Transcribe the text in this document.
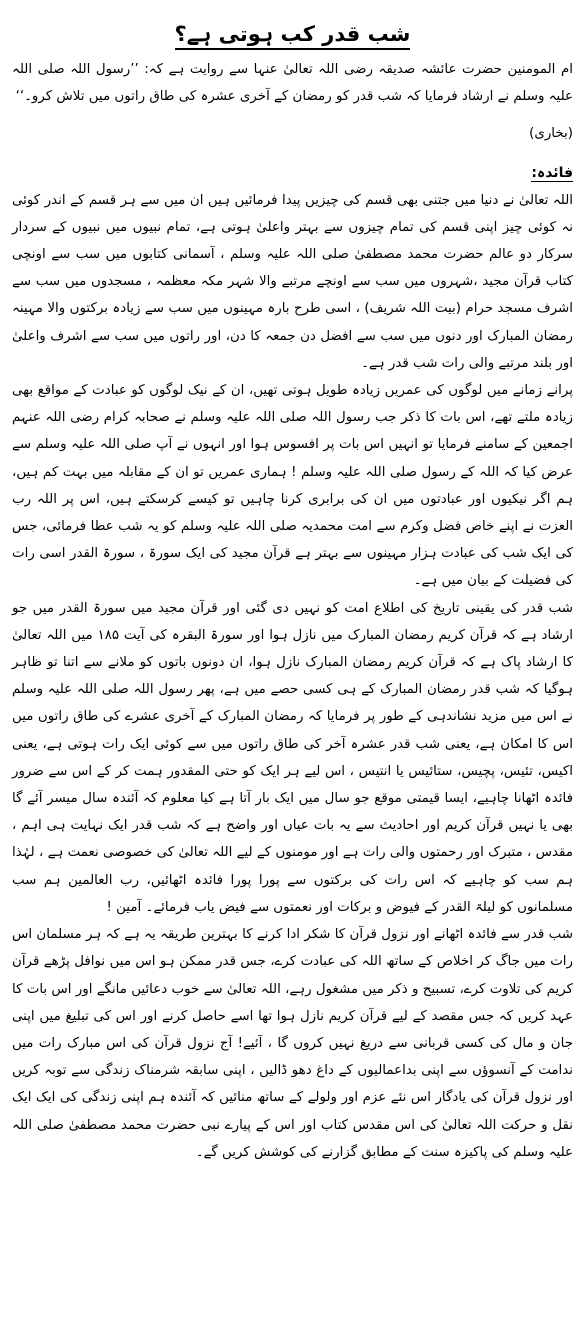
شب قدر کب ہوتی ہے؟

ام المومنین حضرت عائشہ صدیقہ رضی اللہ تعالیٰ عنہا سے روایت ہے کہ: ’’رسول اللہ صلی اللہ علیہ وسلم نے ارشاد فرمایا کہ شب قدر کو رمضان کے آخری عشرہ کی طاق راتوں میں تلاش کرو۔‘‘

(بخاری)
فائدہ:

اللہ تعالیٰ نے دنیا میں جتنی بھی قسم کی چیزیں پیدا فرمائیں ہیں ان میں سے ہر قسم کے اندر کوئی نہ کوئی چیز اپنی قسم کی تمام چیزوں سے بہتر واعلیٰ ہوتی ہے، تمام نبیوں میں نبیوں کے سردار سرکار دو عالم حضرت محمد مصطفیٰ صلی اللہ علیہ وسلم ، آسمانی کتابوں میں سب سے اونچی کتاب قرآن مجید ،شہروں میں سب سے اونچے مرتبے والا شہر مکہ معظمہ ، مسجدوں میں سب سے اشرف مسجد حرام (بیت اللہ شریف) ، اسی طرح بارہ مہینوں میں سب سے زیادہ برکتوں والا مہینہ رمضان المبارک اور دنوں میں سب سے افضل دن جمعہ کا دن، اور راتوں میں سب سے اشرف واعلیٰ اور بلند مرتبے والی رات شب قدر ہے۔

پرانے زمانے میں لوگوں کی عمریں زیادہ طویل ہوتی تھیں، ان کے نیک لوگوں کو عبادت کے مواقع بھی زیادہ ملتے تھے، اس بات کا ذکر جب رسول اللہ صلی اللہ علیہ وسلم نے صحابہ کرام رضی اللہ عنہم اجمعین کے سامنے فرمایا تو انہیں اس بات پر افسوس ہوا اور انہوں نے آپ صلی اللہ علیہ وسلم سے عرض کیا کہ اللہ کے رسول صلی اللہ علیہ وسلم ! ہماری عمریں تو ان کے مقابلہ میں بہت کم ہیں، ہم اگر نیکیوں اور عبادتوں میں ان کی برابری کرنا چاہیں تو کیسے کرسکتے ہیں، اس پر اللہ رب العزت نے اپنے خاص فضل وکرم سے امت محمدیہ صلی اللہ علیہ وسلم کو یہ شب عطا فرمائی، جس کی ایک شب کی عبادت ہزار مہینوں سے بہتر ہے قرآن مجید کی ایک سورۃ ، سورۃ القدر اسی رات کی فضیلت کے بیان میں ہے۔

شب قدر کی یقینی تاریخ کی اطلاع امت کو نہیں دی گئی اور قرآن مجید میں سورۃ القدر میں جو ارشاد ہے کہ قرآن کریم رمضان المبارک میں نازل ہوا اور سورۃ البقرہ کی آیت ۱۸۵ میں اللہ تعالیٰ کا ارشاد پاک ہے کہ قرآن کریم رمضان المبارک نازل ہوا، ان دونوں باتوں کو ملانے سے اتنا تو ظاہر ہوگیا کہ شب قدر رمضان المبارک کے ہی کسی حصے میں ہے، پھر رسول اللہ صلی اللہ علیہ وسلم نے اس میں مزید نشاندہی کے طور پر فرمایا کہ رمضان المبارک کے آخری عشرے کی طاق راتوں میں اس کا امکان ہے، یعنی شب قدر عشرہ آخر کی طاق راتوں میں سے کوئی ایک رات ہوتی ہے، یعنی اکیس، تئیس، پچیس، ستائیس یا انتیس ، اس لیے ہر ایک کو حتی المقدور ہمت کر کے اس سے ضرور فائدہ اٹھانا چاہیے، ایسا قیمتی موقع جو سال میں ایک بار آتا ہے کیا معلوم کہ آئندہ سال میسر آئے گا بھی یا نہیں قرآن کریم اور احادیث سے یہ بات عیاں اور واضح ہے کہ شب قدر ایک نہایت ہی اہم ، مقدس ، متبرک اور رحمتوں والی رات ہے اور مومنوں کے لیے اللہ تعالیٰ کی خصوصی نعمت ہے ، لہٰذا ہم سب کو چاہیے کہ اس رات کی برکتوں سے پورا پورا فائدہ اٹھائیں، رب العالمین ہم سب مسلمانوں کو لیلۃ القدر کے فیوض و برکات اور نعمتوں سے فیض یاب فرمائے۔ آمین !

شب قدر سے فائدہ اٹھانے اور نزول قرآن کا شکر ادا کرنے کا بہترین طریقہ یہ ہے کہ ہر مسلمان اس رات میں جاگ کر اخلاص کے ساتھ اللہ کی عبادت کرے، جس قدر ممکن ہو اس میں نوافل پڑھے قرآن کریم کی تلاوت کرے، تسبیح و ذکر میں مشغول رہے، اللہ تعالیٰ سے خوب دعائیں مانگے اور اس بات کا عہد کریں کہ جس مقصد کے لیے قرآن کریم نازل ہوا تھا اسے حاصل کرنے اور اس کی تبلیغ میں اپنی جان و مال کی کسی قربانی سے دریغ نہیں کروں گا ، آئیے! آج نزول قرآن کی اس مبارک رات میں ندامت کے آنسوؤں سے اپنی بداعمالیوں کے داغ دھو ڈالیں ، اپنی سابقہ شرمناک زندگی سے توبہ کریں اور نزول قرآن کی یادگار اس نئے عزم اور ولولے کے ساتھ منائیں کہ آئندہ ہم اپنی زندگی کی ایک ایک نقل و حرکت اللہ تعالیٰ کی اس مقدس کتاب اور اس کے پیارے نبی حضرت محمد مصطفیٰ صلی اللہ علیہ وسلم کی پاکیزہ سنت کے مطابق گزارنے کی کوشش کریں گے۔
